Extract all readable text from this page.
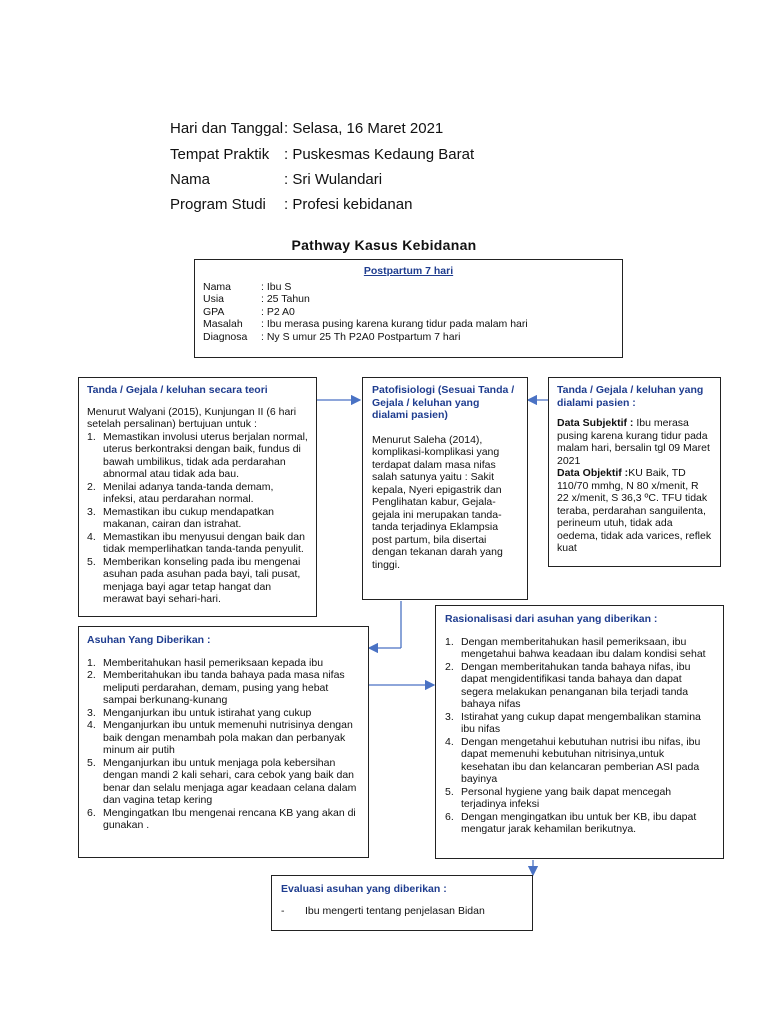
Hari dan Tanggal: Selasa, 16 Maret 2021
Tempat Praktik : Puskesmas Kedaung Barat
Nama	: Sri Wulandari
Program Studi : Profesi kebidanan
Pathway Kasus Kebidanan
Postpartum 7 hari
Nama	: Ibu S
Usia	: 25 Tahun
GPA	: P2 A0
Masalah	: Ibu merasa pusing karena kurang tidur pada malam hari
Diagnosa	: Ny S umur 25 Th P2A0 Postpartum 7 hari
Tanda / Gejala / keluhan secara teori
Menurut Walyani (2015), Kunjungan II (6 hari setelah persalinan) bertujuan untuk :
1. Memastikan involusi uterus berjalan normal, uterus berkontraksi dengan baik, fundus di bawah umbilikus, tidak ada perdarahan abnormal atau tidak ada bau.
2. Menilai adanya tanda-tanda demam, infeksi, atau perdarahan normal.
3. Memastikan ibu cukup mendapatkan makanan, cairan dan istrahat.
4. Memastikan ibu menyusui dengan baik dan tidak memperlihatkan tanda-tanda penyulit.
5. Memberikan konseling pada ibu mengenai asuhan pada asuhan pada bayi, tali pusat, menjaga bayi agar tetap hangat dan merawat bayi sehari-hari.
Patofisiologi (Sesuai Tanda / Gejala / keluhan yang dialami pasien)
Menurut Saleha (2014), komplikasi-komplikasi yang terdapat dalam masa nifas salah satunya yaitu : Sakit kepala, Nyeri epigastrik dan Penglihatan kabur, Gejala-gejala ini merupakan tanda-tanda terjadinya Eklampsia post partum, bila disertai dengan tekanan darah yang tinggi.
Tanda / Gejala / keluhan yang dialami pasien :
Data Subjektif : Ibu merasa pusing karena kurang tidur pada malam hari, bersalin tgl 09 Maret 2021
Data Objektif :KU Baik, TD 110/70 mmhg, N 80 x/menit, R 22 x/menit, S 36,3 ºC. TFU tidak teraba, perdarahan sanguilenta, perineum utuh, tidak ada oedema, tidak ada varices, reflek kuat
Rasionalisasi dari asuhan yang diberikan :
1. Dengan memberitahukan hasil pemeriksaan, ibu mengetahui bahwa keadaan ibu dalam kondisi sehat
2. Dengan memberitahukan tanda bahaya nifas, ibu dapat mengidentifikasi tanda bahaya dan dapat segera melakukan penanganan bila terjadi tanda bahaya nifas
3. Istirahat yang cukup dapat mengembalikan stamina ibu nifas
4. Dengan mengetahui kebutuhan nutrisi ibu nifas, ibu dapat memenuhi kebutuhan nitrisinya,untuk kesehatan ibu dan kelancaran pemberian ASI pada bayinya
5. Personal hygiene yang baik dapat mencegah terjadinya infeksi
6. Dengan mengingatkan ibu untuk ber KB, ibu dapat mengatur jarak kehamilan berikutnya.
Asuhan Yang Diberikan :
1. Memberitahukan hasil pemeriksaan kepada ibu
2. Memberitahukan ibu tanda bahaya pada masa nifas meliputi perdarahan, demam, pusing yang hebat sampai berkunang-kunang
3. Menganjurkan ibu untuk istirahat yang cukup
4. Menganjurkan ibu untuk memenuhi nutrisinya dengan baik dengan menambah pola makan dan perbanyak minum air putih
5. Menganjurkan ibu untuk menjaga pola kebersihan dengan mandi 2 kali sehari, cara cebok yang baik dan benar dan selalu menjaga agar keadaan celana dalam dan vagina tetap kering
6. Mengingatkan Ibu mengenai rencana KB yang akan di gunakan .
Evaluasi asuhan yang diberikan :
-	Ibu mengerti tentang penjelasan Bidan
